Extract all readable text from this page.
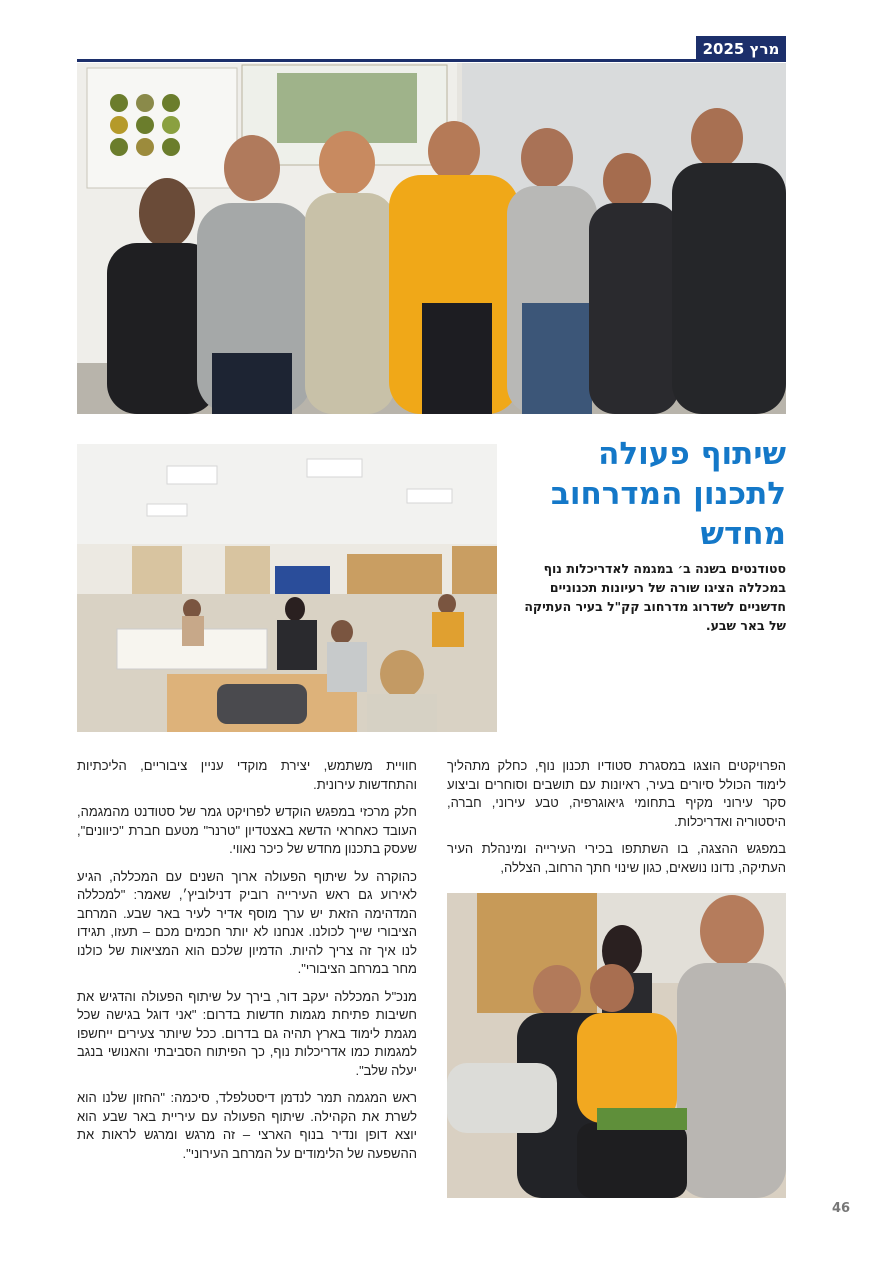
מרץ 2025
שיתוף פעולה
לתכנון המדרחוב
מחדש
סטודנטים בשנה ב׳ במגמה לאדריכלות נוף במכללה הציגו שורה של רעיונות תכנוניים חדשניים לשדרוג מדרחוב קק"ל בעיר העתיקה של באר שבע.

הפרויקטים הוצגו במסגרת סטודיו תכנון נוף, כחלק מתהליך לימוד הכולל סיורים בעיר, ראיונות עם תושבים וסוחרים וביצוע סקר עירוני מקיף בתחומי גיאוגרפיה, טבע עירוני, חברה, היסטוריה ואדריכלות.

במפגש ההצגה, בו השתתפו בכירי העירייה ומינהלת העיר העתיקה, נדונו נושאים, כגון שינוי חתך הרחוב, הצללה,

חוויית משתמש, יצירת מוקדי עניין ציבוריים, הליכתיות והתחדשות עירונית.

חלק מרכזי במפגש הוקדש לפרויקט גמר של סטודנט מהמגמה, העובד כאחראי הדשא באצטדיון "טרנר" מטעם חברת "כיוונים", שעסק בתכנון מחדש של כיכר נאווי.

כהוקרה על שיתוף הפעולה ארוך השנים עם המכללה, הגיע לאירוע גם ראש העירייה רוביק דנילוביץ׳, שאמר: "למכללה המדהימה הזאת יש ערך מוסף אדיר לעיר באר שבע. המרחב הציבורי שייך לכולנו. אנחנו לא יותר חכמים מכם – תעזו, תגידו לנו איך זה צריך להיות. הדמיון שלכם הוא המציאות של כולנו מחר במרחב הציבורי".

מנכ"ל המכללה יעקב דור, בירך על שיתוף הפעולה והדגיש את חשיבות פתיחת מגמות חדשות בדרום: "אני דוגל בגישה שכל מגמת לימוד בארץ תהיה גם בדרום. ככל שיותר צעירים ייחשפו למגמות כמו אדריכלות נוף, כך הפיתוח הסביבתי והאנושי בנגב יעלה שלב".

ראש המגמה תמר לנדמן דיסטלפלד, סיכמה: "החזון שלנו הוא לשרת את הקהילה. שיתוף הפעולה עם עיריית באר שבע הוא יוצא דופן ונדיר בנוף הארצי – זה מרגש ומרגש לראות את ההשפעה של הלימודים על המרחב העירוני".

46
